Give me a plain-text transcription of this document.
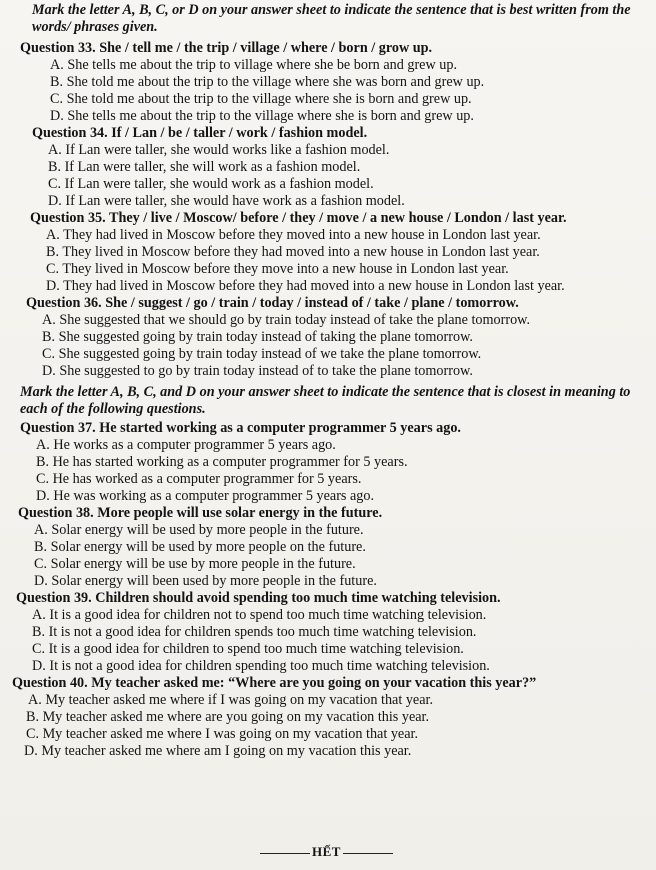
Mark the letter A, B, C, or D on your answer sheet to indicate the sentence that is best written from the words/ phrases given.
Question 33. She / tell me / the trip / village / where / born / grow up.
A. She tells me about the trip to village where she be born and grew up.
B. She told me about the trip to the village where she was born and grew up.
C. She told me about the trip to the village where she is born and grew up.
D. She tells me about the trip to the village where she is born and grew up.
Question 34. If / Lan / be / taller / work / fashion model.
A. If Lan were taller, she would works like a fashion model.
B. If Lan were taller, she will work as a fashion model.
C. If Lan were taller, she would work as a fashion model.
D. If Lan were taller, she would have work as a fashion model.
Question 35. They / live / Moscow/ before / they / move / a new house / London / last year.
A. They had lived in Moscow before they moved into a new house in London last year.
B. They lived in Moscow before they had moved into a new house in London last year.
C. They lived in Moscow before they move into a new house in London last year.
D. They had lived in Moscow before they had moved into a new house in London last year.
Question 36. She / suggest / go / train / today / instead of / take / plane / tomorrow.
A. She suggested that we should go by train today instead of take the plane tomorrow.
B. She suggested going by train today instead of taking the plane tomorrow.
C. She suggested going by train today instead of we take the plane tomorrow.
D. She suggested to go by train today instead of to take the plane tomorrow.
Mark the letter A, B, C, and D on your answer sheet to indicate the sentence that is closest in meaning to each of the following questions.
Question 37. He started working as a computer programmer 5 years ago.
A. He works as a computer programmer 5 years ago.
B. He has started working as a computer programmer for 5 years.
C. He has worked as a computer programmer for 5 years.
D. He was working as a computer programmer 5 years ago.
Question 38. More people will use solar energy in the future.
A. Solar energy will be used by more people in the future.
B. Solar energy will be used by more people on the future.
C. Solar energy will be use by more people in the future.
D. Solar energy will been used by more people in the future.
Question 39. Children should avoid spending too much time watching television.
A. It is a good idea for children not to spend too much time watching television.
B. It is not a good idea for children spends too much time watching television.
C. It is a good idea for children to spend too much time watching television.
D. It is not a good idea for children spending too much time watching television.
Question 40. My teacher asked me: “Where are you going on your vacation this year?”
A. My teacher asked me where if I was going on my vacation that year.
B. My teacher asked me where are you going on my vacation this year.
C. My teacher asked me where I was going on my vacation that year.
D. My teacher asked me where am I going on my vacation this year.
HẾT
